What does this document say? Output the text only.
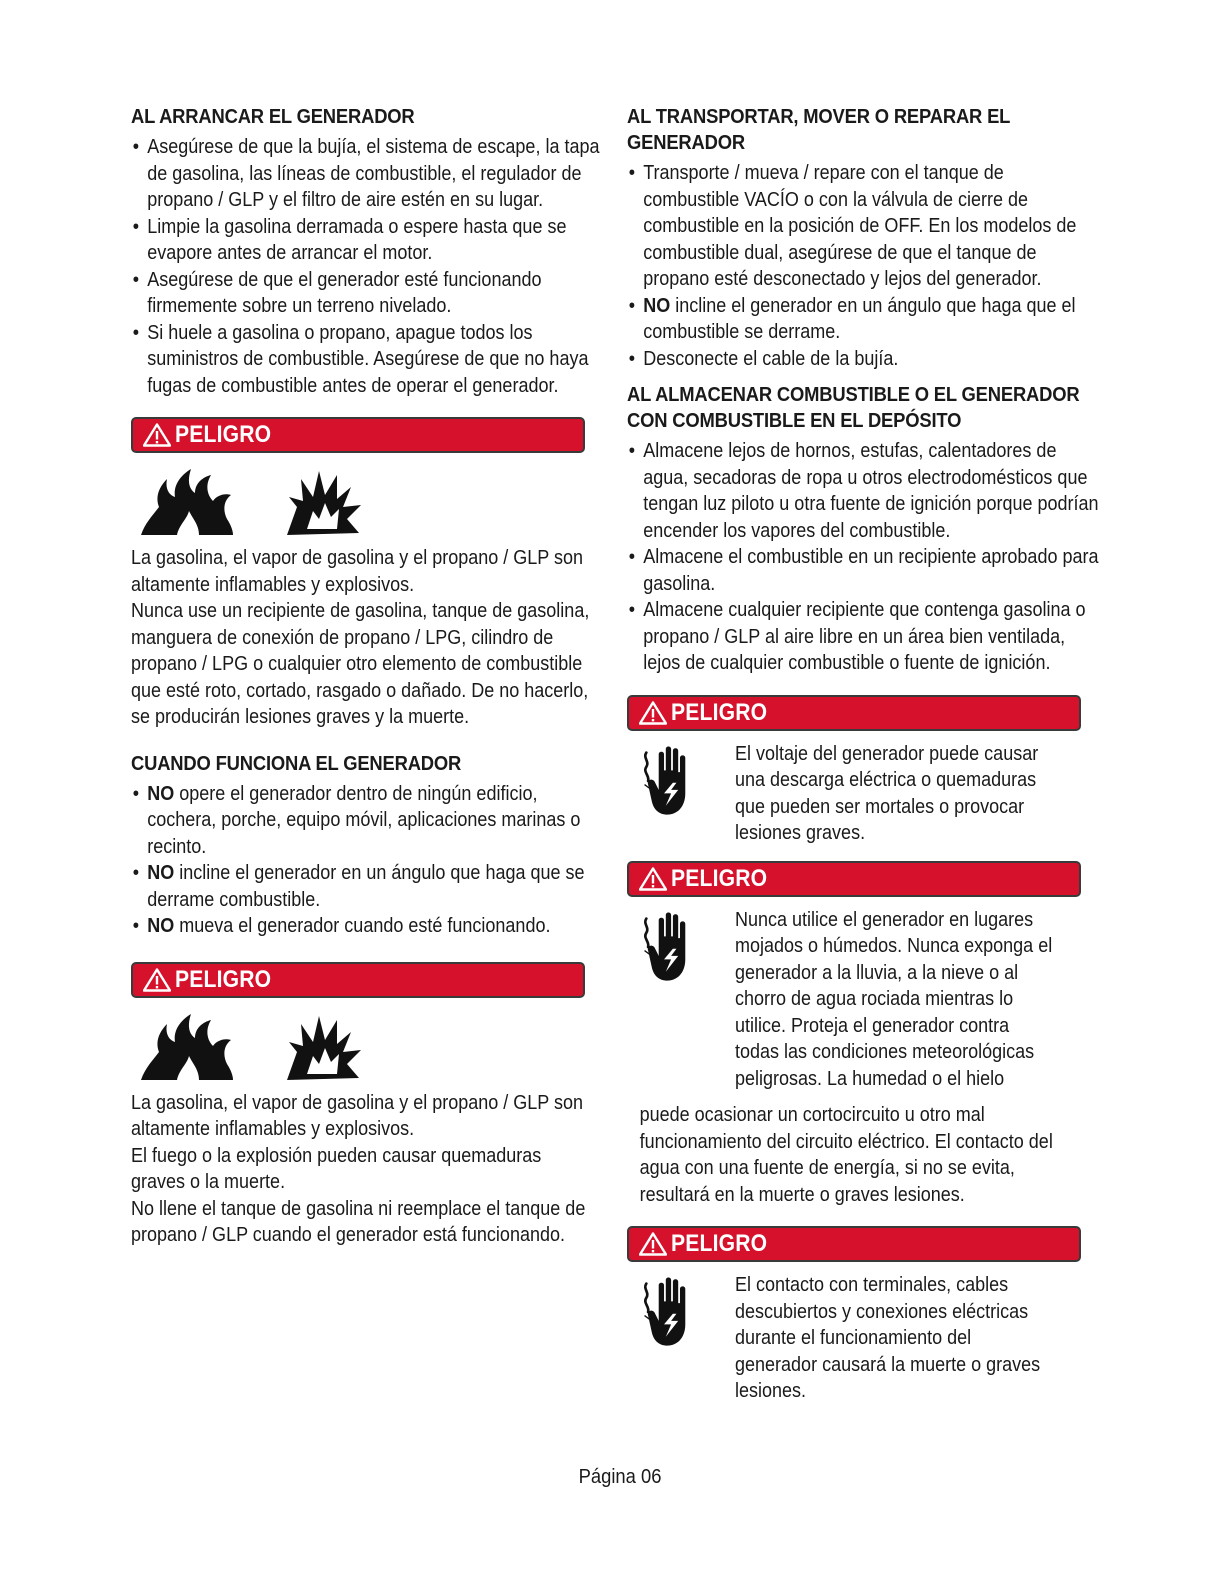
AL ARRANCAR EL GENERADOR
• Asegúrese de que la bujía, el sistema de escape, la tapa de gasolina, las líneas de combustible, el regulador de propano / GLP y el filtro de aire estén en su lugar.
• Limpie la gasolina derramada o espere hasta que se evapore antes de arrancar el motor.
• Asegúrese de que el generador esté funcionando firmemente sobre un terreno nivelado.
• Si huele a gasolina o propano, apague todos los suministros de combustible. Asegúrese de que no haya fugas de combustible antes de operar el generador.
PELIGRO

La gasolina, el vapor de gasolina y el propano / GLP son altamente inflamables y explosivos.

Nunca use un recipiente de gasolina, tanque de gasolina, manguera de conexión de propano / LPG, cilindro de propano / LPG o cualquier otro elemento de combustible que esté roto, cortado, rasgado o dañado. De no hacerlo, se producirán lesiones graves y la muerte.

CUANDO FUNCIONA EL GENERADOR
• NO opere el generador dentro de ningún edificio, cochera, porche, equipo móvil, aplicaciones marinas o recinto.
• NO incline el generador en un ángulo que haga que se derrame combustible.
• NO mueva el generador cuando esté funcionando.
PELIGRO

La gasolina, el vapor de gasolina y el propano / GLP son altamente inflamables y explosivos.

El fuego o la explosión pueden causar quemaduras graves o la muerte.

No llene el tanque de gasolina ni reemplace el tanque de propano / GLP cuando el generador está funcionando.

AL TRANSPORTAR, MOVER O REPARAR EL GENERADOR
• Transporte / mueva / repare con el tanque de combustible VACÍO o con la válvula de cierre de combustible en la posición de OFF. En los modelos de combustible dual, asegúrese de que el tanque de propano esté desconectado y lejos del generador.
• NO incline el generador en un ángulo que haga que el combustible se derrame.
• Desconecte el cable de la bujía.
AL ALMACENAR COMBUSTIBLE O EL GENERADOR CON COMBUSTIBLE EN EL DEPÓSITO
• Almacene lejos de hornos, estufas, calentadores de agua, secadoras de ropa u otros electrodomésticos que tengan luz piloto u otra fuente de ignición porque podrían encender los vapores del combustible.
• Almacene el combustible en un recipiente aprobado para gasolina.
• Almacene cualquier recipiente que contenga gasolina o propano / GLP al aire libre en un área bien ventilada, lejos de cualquier combustible o fuente de ignición.
PELIGRO

El voltaje del generador puede causar una descarga eléctrica o quemaduras que pueden ser mortales o provocar lesiones graves.

PELIGRO

Nunca utilice el generador en lugares mojados o húmedos. Nunca exponga el generador a la lluvia, a la nieve o al chorro de agua rociada mientras lo utilice. Proteja el generador contra todas las condiciones meteorológicas peligrosas. La humedad o el hielo

puede ocasionar un cortocircuito u otro mal funcionamiento del circuito eléctrico. El contacto del agua con una fuente de energía, si no se evita, resultará en la muerte o graves lesiones.

PELIGRO

El contacto con terminales, cables descubiertos y conexiones eléctricas durante el funcionamiento del generador causará la muerte o graves lesiones.

Página 06
